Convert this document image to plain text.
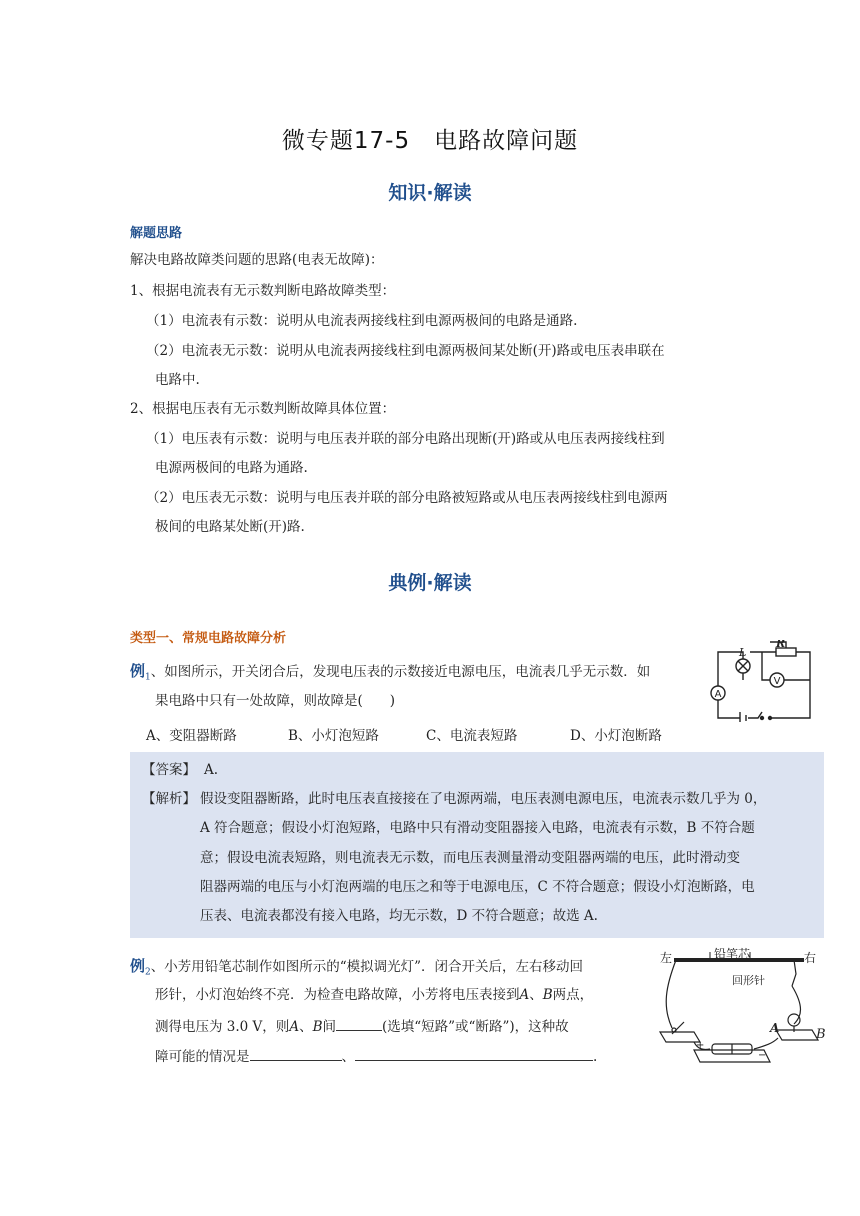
微专题17-5　电路故障问题
知识·解读
解题思路
解决电路故障类问题的思路(电表无故障)：
1、根据电流表有无示数判断电路故障类型：
（1）电流表有示数：说明从电流表两接线柱到电源两极间的电路是通路.
（2）电流表无示数：说明从电流表两接线柱到电源两极间某处断(开)路或电压表串联在
电路中.
2、根据电压表有无示数判断故障具体位置：
（1）电压表有示数：说明与电压表并联的部分电路出现断(开)路或从电压表两接线柱到
电源两极间的电路为通路.
（2）电压表无示数：说明与电压表并联的部分电路被短路或从电压表两接线柱到电源两
极间的电路某处断(开)路.
典例·解读
类型一、常规电路故障分析
例$_1$、如图所示，开关闭合后，发现电压表的示数接近电源电压，电流表几乎无示数．如
果电路中只有一处故障，则故障是(　　)
A、变阻器断路	B、小灯泡短路	C、电流表短路	D、小灯泡断路
A
V
L
R
【答案】 A.
【解析】 假设变阻器断路，此时电压表直接接在了电源两端，电压表测电源电压，电流表示数几乎为 0，
A 符合题意；假设小灯泡短路，电路中只有滑动变阻器接入电路，电流表有示数，B 不符合题
意；假设电流表短路，则电流表无示数，而电压表测量滑动变阻器两端的电压，此时滑动变
阻器两端的电压与小灯泡两端的电压之和等于电源电压，C 不符合题意；假设小灯泡断路，电
压表、电流表都没有接入电路，均无示数，D 不符合题意；故选 A.
例$_2$、小芳用铅笔芯制作如图所示的“模拟调光灯”．闭合开关后，左右移动回
形针，小灯泡始终不亮．为检查电路故障，小芳将电压表接到A、B两点，
测得电压为 3.0 V，则A、B间	(选填“短路”或“断路”)，这种故
障可能的情况是	、	.
左	铅笔芯	右
回形针
A	B
+
−
